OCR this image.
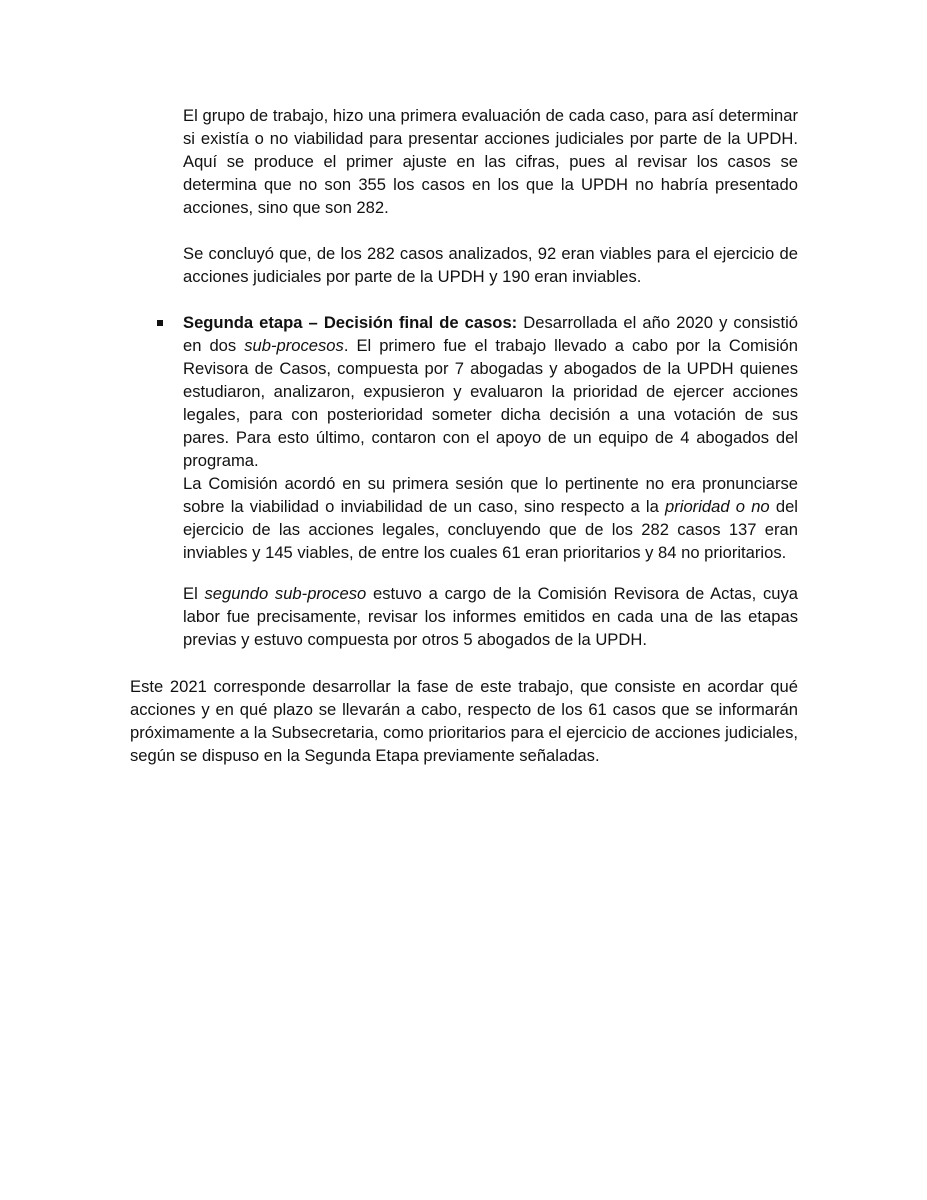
El grupo de trabajo, hizo una primera evaluación de cada caso, para así determinar si existía o no viabilidad para presentar acciones judiciales por parte de la UPDH. Aquí se produce el primer ajuste en las cifras, pues al revisar los casos se determina que no son 355 los casos en los que la UPDH no habría presentado acciones, sino que son 282.

Se concluyó que, de los 282 casos analizados, 92 eran viables para el ejercicio de acciones judiciales por parte de la UPDH y 190 eran inviables.

Segunda etapa – Decisión final de casos: Desarrollada el año 2020 y consistió en dos sub-procesos. El primero fue el trabajo llevado a cabo por la Comisión Revisora de Casos, compuesta por 7 abogadas y abogados de la UPDH quienes estudiaron, analizaron, expusieron y evaluaron la prioridad de ejercer acciones legales, para con posterioridad someter dicha decisión a una votación de sus pares. Para esto último, contaron con el apoyo de un equipo de 4 abogados del programa.

La Comisión acordó en su primera sesión que lo pertinente no era pronunciarse sobre la viabilidad o inviabilidad de un caso, sino respecto a la prioridad o no del ejercicio de las acciones legales, concluyendo que de los 282 casos 137 eran inviables y 145 viables, de entre los cuales 61 eran prioritarios y 84 no prioritarios.

El segundo sub-proceso estuvo a cargo de la Comisión Revisora de Actas, cuya labor fue precisamente, revisar los informes emitidos en cada una de las etapas previas y estuvo compuesta por otros 5 abogados de la UPDH.

Este 2021 corresponde desarrollar la fase de este trabajo, que consiste en acordar qué acciones y en qué plazo se llevarán a cabo, respecto de los 61 casos que se informarán próximamente a la Subsecretaria, como prioritarios para el ejercicio de acciones judiciales, según se dispuso en la Segunda Etapa previamente señaladas.
